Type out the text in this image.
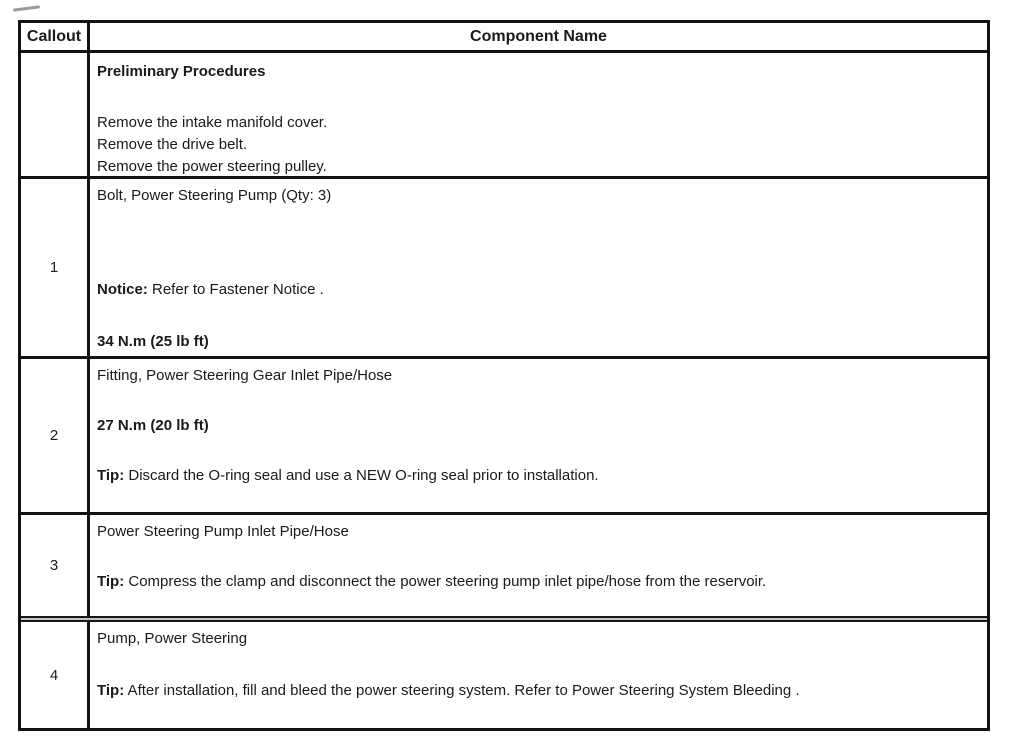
Callout	Component Name

Preliminary Procedures

Remove the intake manifold cover.

Remove the drive belt.

Remove the power steering pulley.

1

Bolt, Power Steering Pump (Qty: 3)

Notice: Refer to Fastener Notice .

34 N.m (25 lb ft)

2

Fitting, Power Steering Gear Inlet Pipe/Hose

27 N.m (20 lb ft)

Tip: Discard the O-ring seal and use a NEW O-ring seal prior to installation.

3

Power Steering Pump Inlet Pipe/Hose

Tip: Compress the clamp and disconnect the power steering pump inlet pipe/hose from the reservoir.

4

Pump, Power Steering

Tip: After installation, fill and bleed the power steering system. Refer to Power Steering System Bleeding .
